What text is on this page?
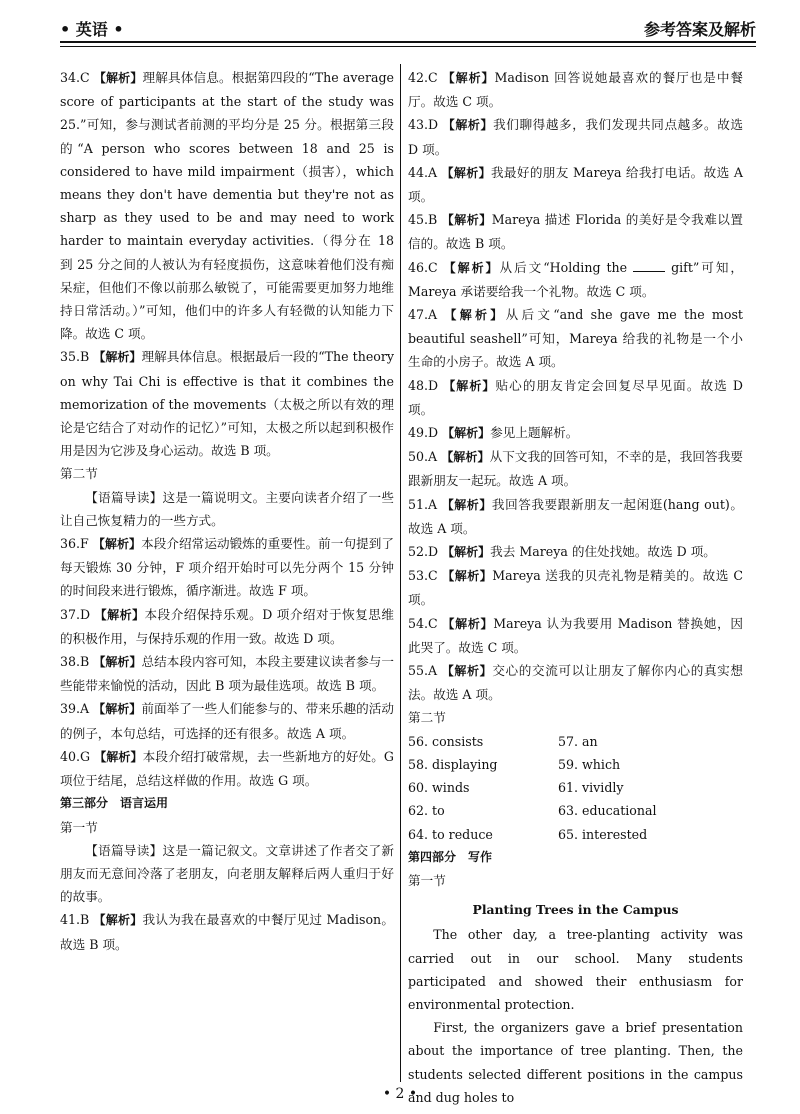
• 英语 •	参考答案及解析

34.C 【解析】理解具体信息。根据第四段的“The average score of participants at the start of the study was 25.”可知，参与测试者前测的平均分是 25 分。根据第三段的“A person who scores between 18 and 25 is considered to have mild impairment（损害），which means they don't have dementia but they're not as sharp as they used to be and may need to work harder to maintain everyday activities.（得分在 18 到 25 分之间的人被认为有轻度损伤，这意味着他们没有痴呆症，但他们不像以前那么敏锐了，可能需要更加努力地维持日常活动。）”可知，他们中的许多人有轻微的认知能力下降。故选 C 项。

35.B 【解析】理解具体信息。根据最后一段的“The theory on why Tai Chi is effective is that it combines the memorization of the movements（太极之所以有效的理论是它结合了对动作的记忆）”可知，太极之所以起到积极作用是因为它涉及身心运动。故选 B 项。

第二节

【语篇导读】这是一篇说明文。主要向读者介绍了一些让自己恢复精力的一些方式。

36.F 【解析】本段介绍常运动锻炼的重要性。前一句提到了每天锻炼 30 分钟，F 项介绍开始时可以先分两个 15 分钟的时间段来进行锻炼，循序渐进。故选 F 项。

37.D 【解析】本段介绍保持乐观。D 项介绍对于恢复思维的积极作用，与保持乐观的作用一致。故选 D 项。

38.B 【解析】总结本段内容可知，本段主要建议读者参与一些能带来愉悦的活动，因此 B 项为最佳选项。故选 B 项。

39.A 【解析】前面举了一些人们能参与的、带来乐趣的活动的例子，本句总结，可选择的还有很多。故选 A 项。

40.G 【解析】本段介绍打破常规，去一些新地方的好处。G 项位于结尾，总结这样做的作用。故选 G 项。

第三部分　语言运用

第一节

【语篇导读】这是一篇记叙文。文章讲述了作者交了新朋友而无意间冷落了老朋友，向老朋友解释后两人重归于好的故事。

41.B 【解析】我认为我在最喜欢的中餐厅见过 Madison。故选 B 项。

42.C 【解析】Madison 回答说她最喜欢的餐厅也是中餐厅。故选 C 项。

43.D 【解析】我们聊得越多，我们发现共同点越多。故选 D 项。

44.A 【解析】我最好的朋友 Mareya 给我打电话。故选 A 项。

45.B 【解析】Mareya 描述 Florida 的美好是令我难以置信的。故选 B 项。

46.C 【解析】从后文“Holding the	gift”可知，Mareya 承诺要给我一个礼物。故选 C 项。

47.A 【解析】从后文“and she gave me the most beautiful seashell”可知，Mareya 给我的礼物是一个小生命的小房子。故选 A 项。

48.D 【解析】贴心的朋友肯定会回复尽早见面。故选 D 项。

49.D 【解析】参见上题解析。

50.A 【解析】从下文我的回答可知，不幸的是，我回答我要跟新朋友一起玩。故选 A 项。

51.A 【解析】我回答我要跟新朋友一起闲逛(hang out)。故选 A 项。

52.D 【解析】我去 Mareya 的住处找她。故选 D 项。

53.C 【解析】Mareya 送我的贝壳礼物是精美的。故选 C 项。

54.C 【解析】Mareya 认为我要用 Madison 替换她，因此哭了。故选 C 项。

55.A 【解析】交心的交流可以让朋友了解你内心的真实想法。故选 A 项。

第二节

56. consists	57. an
58. displaying	59. which
60. winds	61. vividly
62. to	63. educational
64. to reduce	65. interested

第四部分　写作

第一节

Planting Trees in the Campus

The other day, a tree-planting activity was carried out in our school. Many students participated and showed their enthusiasm for environmental protection.

First, the organizers gave a brief presentation about the importance of tree planting. Then, the students selected different positions in the campus and dug holes to

• 2 •
